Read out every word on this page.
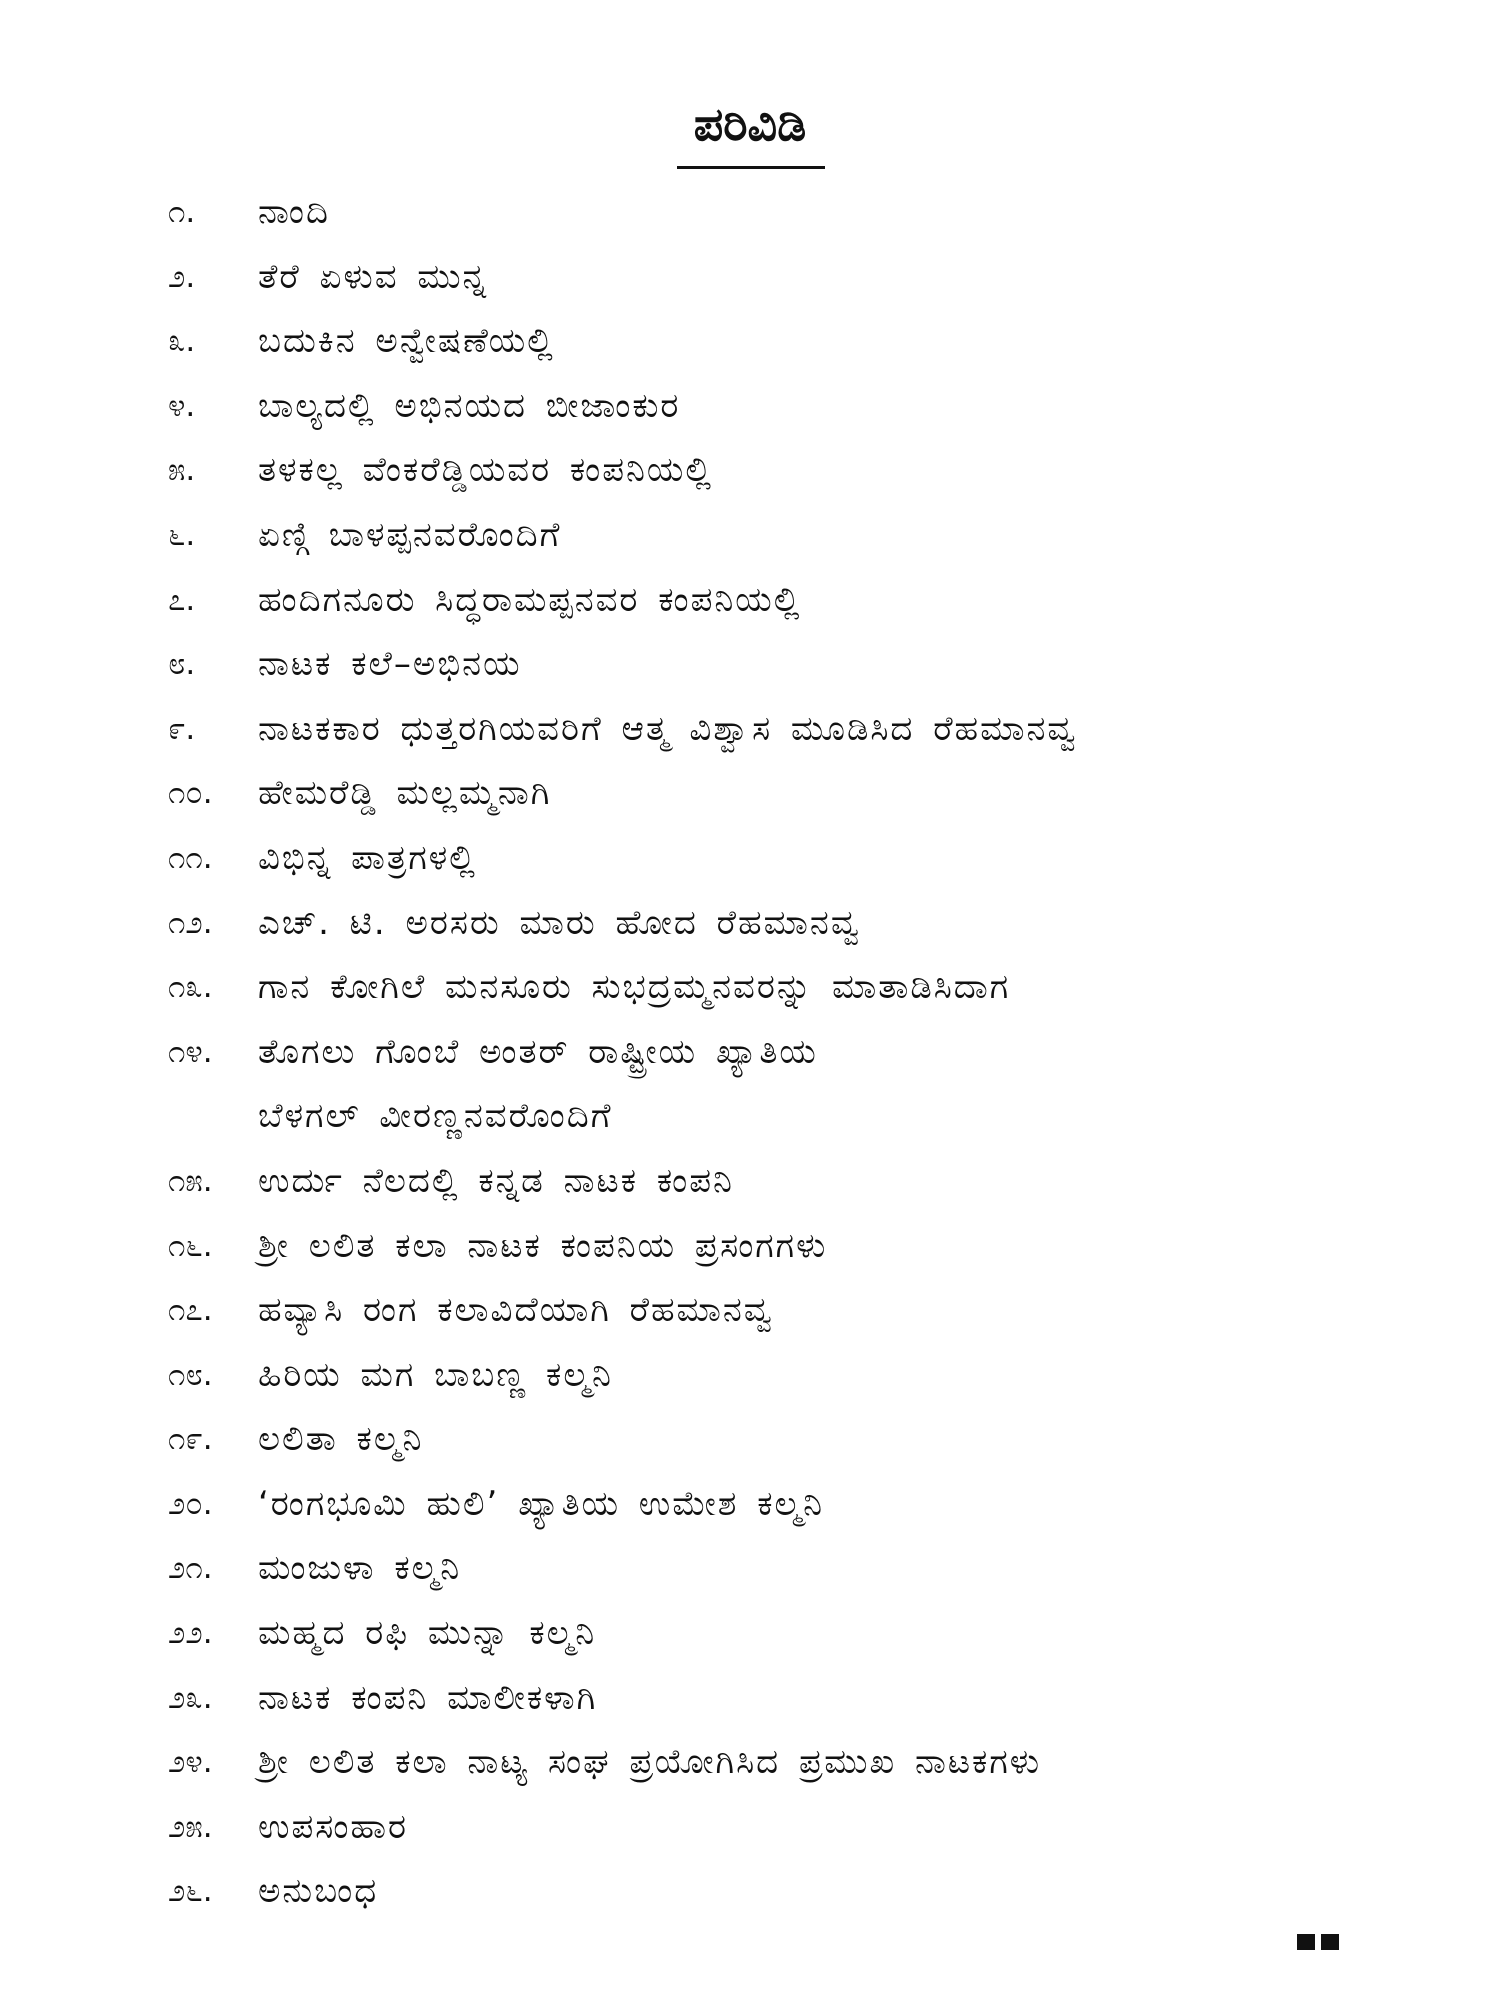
ಪರಿವಿಡಿ
೧.	ನಾಂದಿ
೨.	ತೆರೆ ಏಳುವ ಮುನ್ನ
೩.	ಬದುಕಿನ ಅನ್ವೇಷಣೆಯಲ್ಲಿ
೪.	ಬಾಲ್ಯದಲ್ಲಿ ಅಭಿನಯದ ಬೀಜಾಂಕುರ
೫.	ತಳಕಲ್ಲ ವೆಂಕರೆಡ್ಡಿಯವರ ಕಂಪನಿಯಲ್ಲಿ
೬.	ಏಣ್ಗಿ ಬಾಳಪ್ಪನವರೊಂದಿಗೆ
೭.	ಹಂದಿಗನೂರು ಸಿದ್ಧರಾಮಪ್ಪನವರ ಕಂಪನಿಯಲ್ಲಿ
೮.	ನಾಟಕ ಕಲೆ–ಅಭಿನಯ
೯.	ನಾಟಕಕಾರ ಧುತ್ತರಗಿಯವರಿಗೆ ಆತ್ಮ ವಿಶ್ವಾಸ ಮೂಡಿಸಿದ ರೆಹಮಾನವ್ವ
೧೦.	ಹೇಮರೆಡ್ಡಿ ಮಲ್ಲಮ್ಮನಾಗಿ
೧೧.	ವಿಭಿನ್ನ ಪಾತ್ರಗಳಲ್ಲಿ
೧೨.	ಎಚ್. ಟಿ. ಅರಸರು ಮಾರು ಹೋದ ರೆಹಮಾನವ್ವ
೧೩.	ಗಾನ ಕೋಗಿಲೆ ಮನಸೂರು ಸುಭದ್ರಮ್ಮನವರನ್ನು ಮಾತಾಡಿಸಿದಾಗ
೧೪.	ತೊಗಲು ಗೊಂಬೆ ಅಂತರ್ ರಾಷ್ಟ್ರೀಯ ಖ್ಯಾತಿಯ
ಬೆಳಗಲ್ ವೀರಣ್ಣನವರೊಂದಿಗೆ
೧೫.	ಉರ್ದು ನೆಲದಲ್ಲಿ ಕನ್ನಡ ನಾಟಕ ಕಂಪನಿ
೧೬.	ಶ್ರೀ ಲಲಿತ ಕಲಾ ನಾಟಕ ಕಂಪನಿಯ ಪ್ರಸಂಗಗಳು
೧೭.	ಹವ್ಯಾಸಿ ರಂಗ ಕಲಾವಿದೆಯಾಗಿ ರೆಹಮಾನವ್ವ
೧೮.	ಹಿರಿಯ ಮಗ ಬಾಬಣ್ಣ ಕಲ್ಮನಿ
೧೯.	ಲಲಿತಾ ಕಲ್ಮನಿ
೨೦.	‘ರಂಗಭೂಮಿ ಹುಲಿ’ ಖ್ಯಾತಿಯ ಉಮೇಶ ಕಲ್ಮನಿ
೨೧.	ಮಂಜುಳಾ ಕಲ್ಮನಿ
೨೨.	ಮಹ್ಮದ ರಫಿ ಮುನ್ನಾ ಕಲ್ಮನಿ
೨೩.	ನಾಟಕ ಕಂಪನಿ ಮಾಲೀಕಳಾಗಿ
೨೪.	ಶ್ರೀ ಲಲಿತ ಕಲಾ ನಾಟ್ಯ ಸಂಘ ಪ್ರಯೋಗಿಸಿದ ಪ್ರಮುಖ ನಾಟಕಗಳು
೨೫.	ಉಪಸಂಹಾರ
೨೬.	ಅನುಬಂಧ
